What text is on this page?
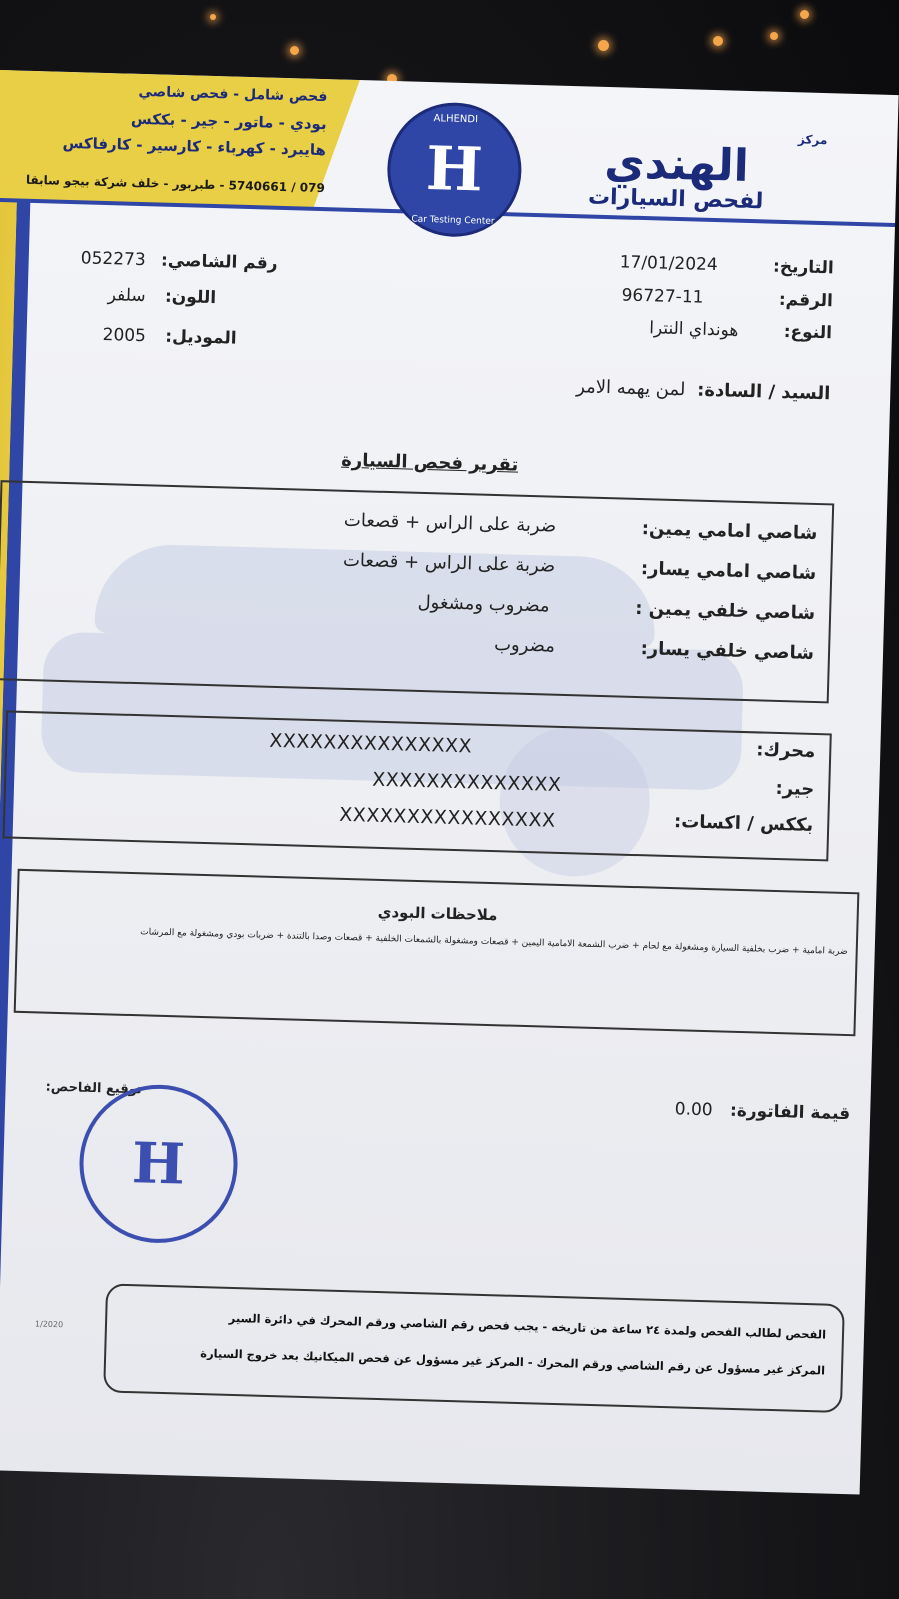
فحص شامل - فحص شاصي
بودي - ماتور - جير - بككس
هايبرد - كهرباء - كارسير - كارفاكس
079 / 5740661 - طبربور - خلف شركة بيجو سابقا
ALHENDI
H
Car Testing Center
مركز
الهندي
لفحص السيارات
التاريخ: 17/01/2024
الرقم: 11-96727
النوع: هونداي النترا
رقم الشاصي: 052273
اللون: سلفر
الموديل: 2005
السيد / السادة: لمن يهمه الامر
تقرير فحص السيارة
شاصي امامي يمين: ضربة على الراس + قصعات
شاصي امامي يسار: ضربة على الراس + قصعات
شاصي خلفي يمين : مضروب ومشغول
شاصي خلفي يسار: مضروب
محرك:
جير:
بككس / اكسات:
XXXXXXXXXXXXXXX
XXXXXXXXXXXXXX
XXXXXXXXXXXXXXXX
ملاحظات البودي
ضربة امامية + ضرب بخلفية السيارة ومشغولة مع لحام + ضرب الشمعة الامامية اليمين + قصعات ومشغولة بالشمعات الخلفية + قصعات وصدا بالتندة + ضربات بودي ومشغولة مع المرشات
قيمة الفاتورة: 0.00
توقيع الفاحص:
H
1/2020	الفحص لطالب الفحص ولمدة ٢٤ ساعة من تاريخه - يجب فحص رقم الشاصي ورقم المحرك في دائرة السير
المركز غير مسؤول عن رقم الشاصي ورقم المحرك - المركز غير مسؤول عن فحص الميكانيك بعد خروج السيارة
